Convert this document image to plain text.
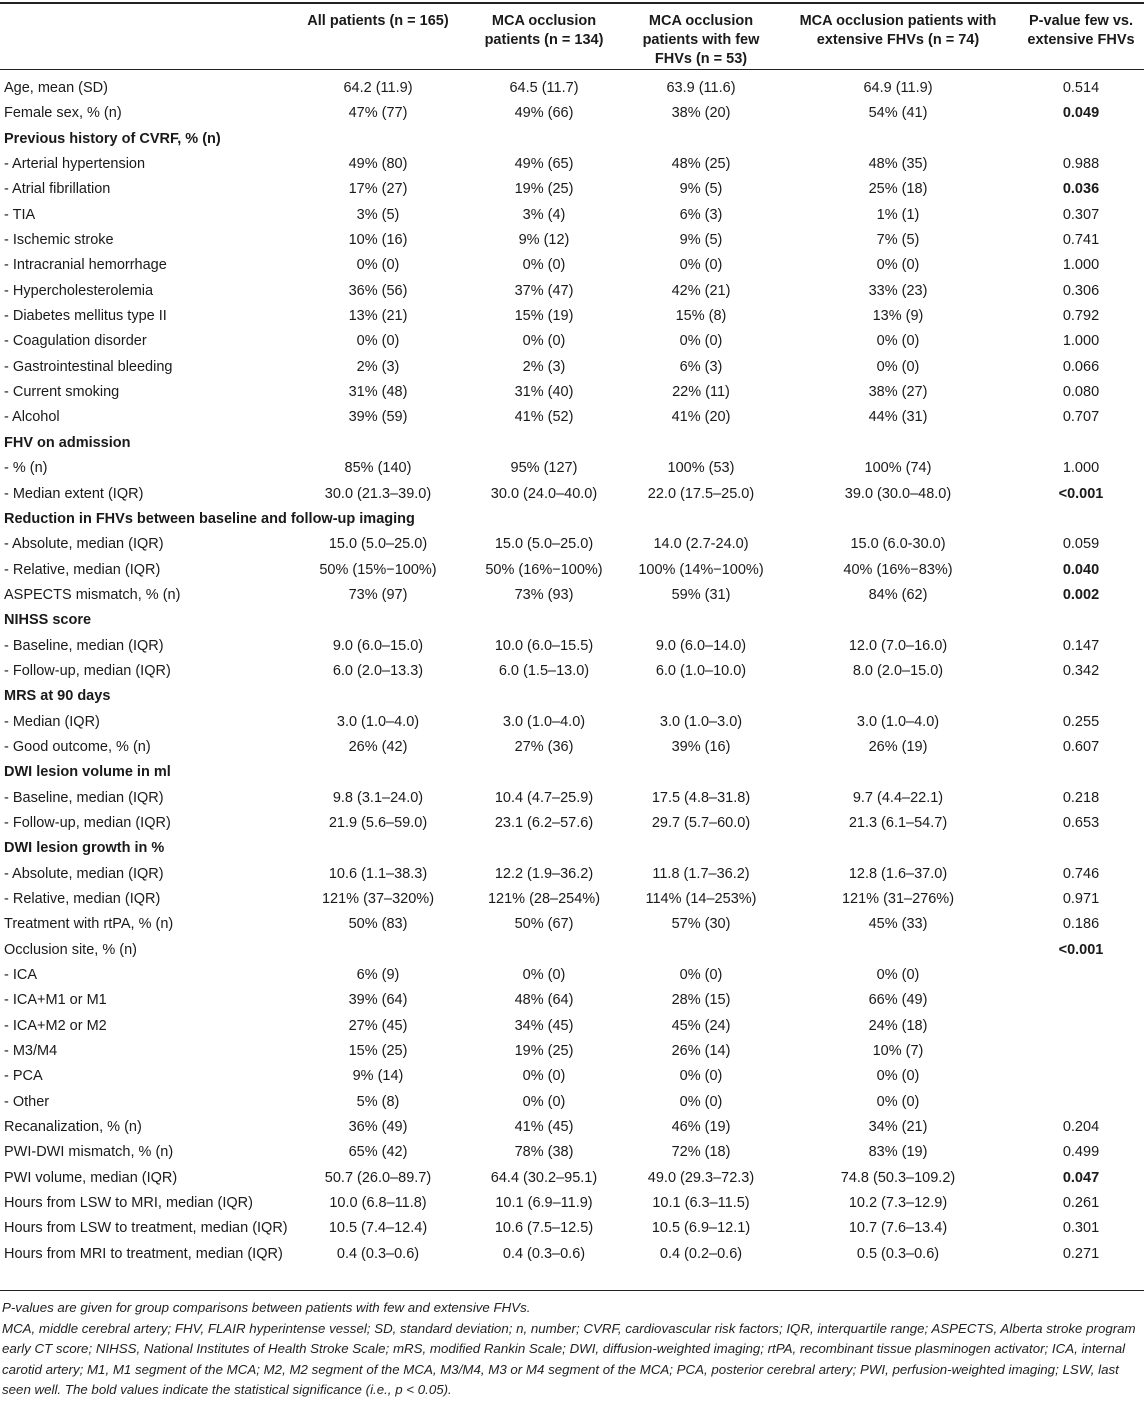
	All patients (n = 165)	MCA occlusion patients (n = 134)	MCA occlusion patients with few FHVs (n = 53)	MCA occlusion patients with extensive FHVs (n = 74)	P-value few vs. extensive FHVs
Age, mean (SD)	64.2 (11.9)	64.5 (11.7)	63.9 (11.6)	64.9 (11.9)	0.514
Female sex, % (n)	47% (77)	49% (66)	38% (20)	54% (41)	0.049
Previous history of CVRF, % (n)					
- Arterial hypertension	49% (80)	49% (65)	48% (25)	48% (35)	0.988
- Atrial fibrillation	17% (27)	19% (25)	9% (5)	25% (18)	0.036
- TIA	3% (5)	3% (4)	6% (3)	1% (1)	0.307
- Ischemic stroke	10% (16)	9% (12)	9% (5)	7% (5)	0.741
- Intracranial hemorrhage	0% (0)	0% (0)	0% (0)	0% (0)	1.000
- Hypercholesterolemia	36% (56)	37% (47)	42% (21)	33% (23)	0.306
- Diabetes mellitus type II	13% (21)	15% (19)	15% (8)	13% (9)	0.792
- Coagulation disorder	0% (0)	0% (0)	0% (0)	0% (0)	1.000
- Gastrointestinal bleeding	2% (3)	2% (3)	6% (3)	0% (0)	0.066
- Current smoking	31% (48)	31% (40)	22% (11)	38% (27)	0.080
- Alcohol	39% (59)	41% (52)	41% (20)	44% (31)	0.707
FHV on admission					
- % (n)	85% (140)	95% (127)	100% (53)	100% (74)	1.000
- Median extent (IQR)	30.0 (21.3–39.0)	30.0 (24.0–40.0)	22.0 (17.5–25.0)	39.0 (30.0–48.0)	<0.001
Reduction in FHVs between baseline and follow-up imaging					
- Absolute, median (IQR)	15.0 (5.0–25.0)	15.0 (5.0–25.0)	14.0 (2.7-24.0)	15.0 (6.0-30.0)	0.059
- Relative, median (IQR)	50% (15%−100%)	50% (16%−100%)	100% (14%−100%)	40% (16%−83%)	0.040
ASPECTS mismatch, % (n)	73% (97)	73% (93)	59% (31)	84% (62)	0.002
NIHSS score					
- Baseline, median (IQR)	9.0 (6.0–15.0)	10.0 (6.0–15.5)	9.0 (6.0–14.0)	12.0 (7.0–16.0)	0.147
- Follow-up, median (IQR)	6.0 (2.0–13.3)	6.0 (1.5–13.0)	6.0 (1.0–10.0)	8.0 (2.0–15.0)	0.342
MRS at 90 days					
- Median (IQR)	3.0 (1.0–4.0)	3.0 (1.0–4.0)	3.0 (1.0–3.0)	3.0 (1.0–4.0)	0.255
- Good outcome, % (n)	26% (42)	27% (36)	39% (16)	26% (19)	0.607
DWI lesion volume in ml					
- Baseline, median (IQR)	9.8 (3.1–24.0)	10.4 (4.7–25.9)	17.5 (4.8–31.8)	9.7 (4.4–22.1)	0.218
- Follow-up, median (IQR)	21.9 (5.6–59.0)	23.1 (6.2–57.6)	29.7 (5.7–60.0)	21.3 (6.1–54.7)	0.653
DWI lesion growth in %					
- Absolute, median (IQR)	10.6 (1.1–38.3)	12.2 (1.9–36.2)	11.8 (1.7–36.2)	12.8 (1.6–37.0)	0.746
- Relative, median (IQR)	121% (37–320%)	121% (28–254%)	114% (14–253%)	121% (31–276%)	0.971
Treatment with rtPA, % (n)	50% (83)	50% (67)	57% (30)	45% (33)	0.186
Occlusion site, % (n)					<0.001
- ICA	6% (9)	0% (0)	0% (0)	0% (0)	
- ICA+M1 or M1	39% (64)	48% (64)	28% (15)	66% (49)	
- ICA+M2 or M2	27% (45)	34% (45)	45% (24)	24% (18)	
- M3/M4	15% (25)	19% (25)	26% (14)	10% (7)	
- PCA	9% (14)	0% (0)	0% (0)	0% (0)	
- Other	5% (8)	0% (0)	0% (0)	0% (0)	
Recanalization, % (n)	36% (49)	41% (45)	46% (19)	34% (21)	0.204
PWI-DWI mismatch, % (n)	65% (42)	78% (38)	72% (18)	83% (19)	0.499
PWI volume, median (IQR)	50.7 (26.0–89.7)	64.4 (30.2–95.1)	49.0 (29.3–72.3)	74.8 (50.3–109.2)	0.047
Hours from LSW to MRI, median (IQR)	10.0 (6.8–11.8)	10.1 (6.9–11.9)	10.1 (6.3–11.5)	10.2 (7.3–12.9)	0.261
Hours from LSW to treatment, median (IQR)	10.5 (7.4–12.4)	10.6 (7.5–12.5)	10.5 (6.9–12.1)	10.7 (7.6–13.4)	0.301
Hours from MRI to treatment, median (IQR)	0.4 (0.3–0.6)	0.4 (0.3–0.6)	0.4 (0.2–0.6)	0.5 (0.3–0.6)	0.271

P-values are given for group comparisons between patients with few and extensive FHVs.

MCA, middle cerebral artery; FHV, FLAIR hyperintense vessel; SD, standard deviation; n, number; CVRF, cardiovascular risk factors; IQR, interquartile range; ASPECTS, Alberta stroke program early CT score; NIHSS, National Institutes of Health Stroke Scale; mRS, modified Rankin Scale; DWI, diffusion-weighted imaging; rtPA, recombinant tissue plasminogen activator; ICA, internal carotid artery; M1, M1 segment of the MCA; M2, M2 segment of the MCA, M3/M4, M3 or M4 segment of the MCA; PCA, posterior cerebral artery; PWI, perfusion-weighted imaging; LSW, last seen well. The bold values indicate the statistical significance (i.e., p < 0.05).
